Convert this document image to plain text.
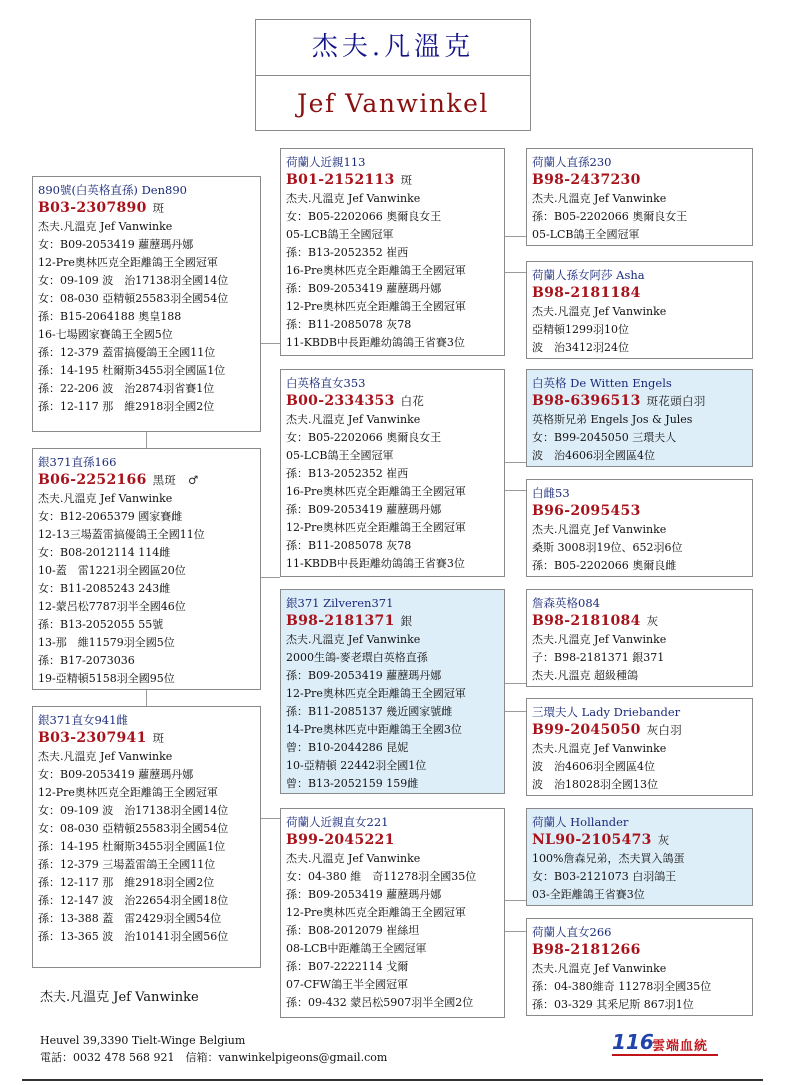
杰夫.凡溫克
Jef Vanwinkel
890號(白英格直孫) Den890
B03-2307890 斑
杰夫.凡溫克 Jef Vanwinke
女：B09-2053419 蘿藶瑪丹娜
12-Pre奧林匹克全距離鴿王全國冠軍
女：09-109 波　治17138羽全國14位
女：08-030 亞精頓25583羽全國54位
孫：B15-2064188 奧皇188
16-七場國家賽鴿王全國5位
孫：12-379 蓋雷搞優鴿王全國11位
孫：14-195 杜爾斯3455羽全國區1位
孫：22-206 波　治2874羽省賽1位
孫：12-117 那　維2918羽全國2位
銀371直孫166
B06-2252166 黑斑　♂
杰夫.凡溫克 Jef Vanwinke
女：B12-2065379 國家賽雌
12-13三場蓋雷搞優鴿王全國11位
女：B08-2012114 114雌
10-蓋　雷1221羽全國區20位
女：B11-2085243 243雌
12-蒙呂松7787羽半全國46位
孫：B13-2052055 55號
13-那　維11579羽全國5位
孫：B17-2073036
19-亞精頓5158羽全國95位
銀371直女941雌
B03-2307941 斑
杰夫.凡溫克 Jef Vanwinke
女：B09-2053419 蘿藶瑪丹娜
12-Pre奧林匹克全距離鴿王全國冠軍
女：09-109 波　治17138羽全國14位
女：08-030 亞精頓25583羽全國54位
孫：14-195 杜爾斯3455羽全國區1位
孫：12-379 三場蓋雷鴿王全國11位
孫：12-117 那　維2918羽全國2位
孫：12-147 波　治22654羽全國18位
孫：13-388 蓋　雷2429羽全國54位
孫：13-365 波　治10141羽全國56位
荷蘭人近親113
B01-2152113 斑
杰夫.凡溫克 Jef Vanwinke
女：B05-2202066 奧爾良女王
05-LCB鴿王全國冠軍
孫：B13-2052352 崔西
16-Pre奧林匹克全距離鴿王全國冠軍
孫：B09-2053419 蘿藶瑪丹娜
12-Pre奧林匹克全距離鴿王全國冠軍
孫：B11-2085078 灰78
11-KBDB中長距離幼鴿鴿王省賽3位
白英格直女353
B00-2334353 白花
杰夫.凡溫克 Jef Vanwinke
女：B05-2202066 奧爾良女王
05-LCB鴿王全國冠軍
孫：B13-2052352 崔西
16-Pre奧林匹克全距離鴿王全國冠軍
孫：B09-2053419 蘿藶瑪丹娜
12-Pre奧林匹克全距離鴿王全國冠軍
孫：B11-2085078 灰78
11-KBDB中長距離幼鴿鴿王省賽3位
銀371 Zilveren371
B98-2181371 銀
杰夫.凡溫克 Jef Vanwinke
2000生鴿-麥老環白英格直孫
孫：B09-2053419 蘿藶瑪丹娜
12-Pre奧林匹克全距離鴿王全國冠軍
孫：B11-2085137 幾近國家號雌
14-Pre奧林匹克中距離鴿王全國3位
曾：B10-2044286 昆妮
10-亞精頓 22442羽全國1位
曾：B13-2052159 159雌
荷蘭人近親直女221
B99-2045221
杰夫.凡溫克 Jef Vanwinke
女：04-380 維　奇11278羽全國35位
孫：B09-2053419 蘿藶瑪丹娜
12-Pre奧林匹克全距離鴿王全國冠軍
孫：B08-2012079 崔絲坦
08-LCB中距離鴿王全國冠軍
孫：B07-2222114 戈爾
07-CFW鴿王半全國冠軍
孫：09-432 蒙呂松5907羽半全國2位
荷蘭人直孫230
B98-2437230
杰夫.凡溫克 Jef Vanwinke
孫：B05-2202066 奧爾良女王
05-LCB鴿王全國冠軍
荷蘭人孫女阿莎 Asha
B98-2181184
杰夫.凡溫克 Jef Vanwinke
亞精頓1299羽10位
波　治3412羽24位
白英格 De Witten Engels
B98-6396513 斑花頭白羽
英格斯兄弟 Engels Jos & Jules
女：B99-2045050 三環夫人
波　治4606羽全國區4位
白雌53
B96-2095453
杰夫.凡溫克 Jef Vanwinke
桑斯 3008羽19位、652羽6位
孫：B05-2202066 奧爾良雌
詹森英格084
B98-2181084 灰
杰夫.凡溫克 Jef Vanwinke
子：B98-2181371 銀371
杰夫.凡溫克 超級種鴿
三環夫人 Lady Driebander
B99-2045050 灰白羽
杰夫.凡溫克 Jef Vanwinke
波　治4606羽全國區4位
波　治18028羽全國13位
荷蘭人 Hollander
NL90-2105473 灰
100%詹森兄弟，杰夫買入鴿蛋
女：B03-2121073 白羽鴿王
03-全距離鴿王省賽3位
荷蘭人直女266
B98-2181266
杰夫.凡溫克 Jef Vanwinke
孫：04-380維奇 11278羽全國35位
孫：03-329 其釆尼斯 867羽1位
杰夫.凡溫克 Jef Vanwinke
Heuvel 39,3390 Tielt-Winge Belgium
電話：0032 478 568 921　信箱：vanwinkelpigeons@gmail.com
116
雲端血統
